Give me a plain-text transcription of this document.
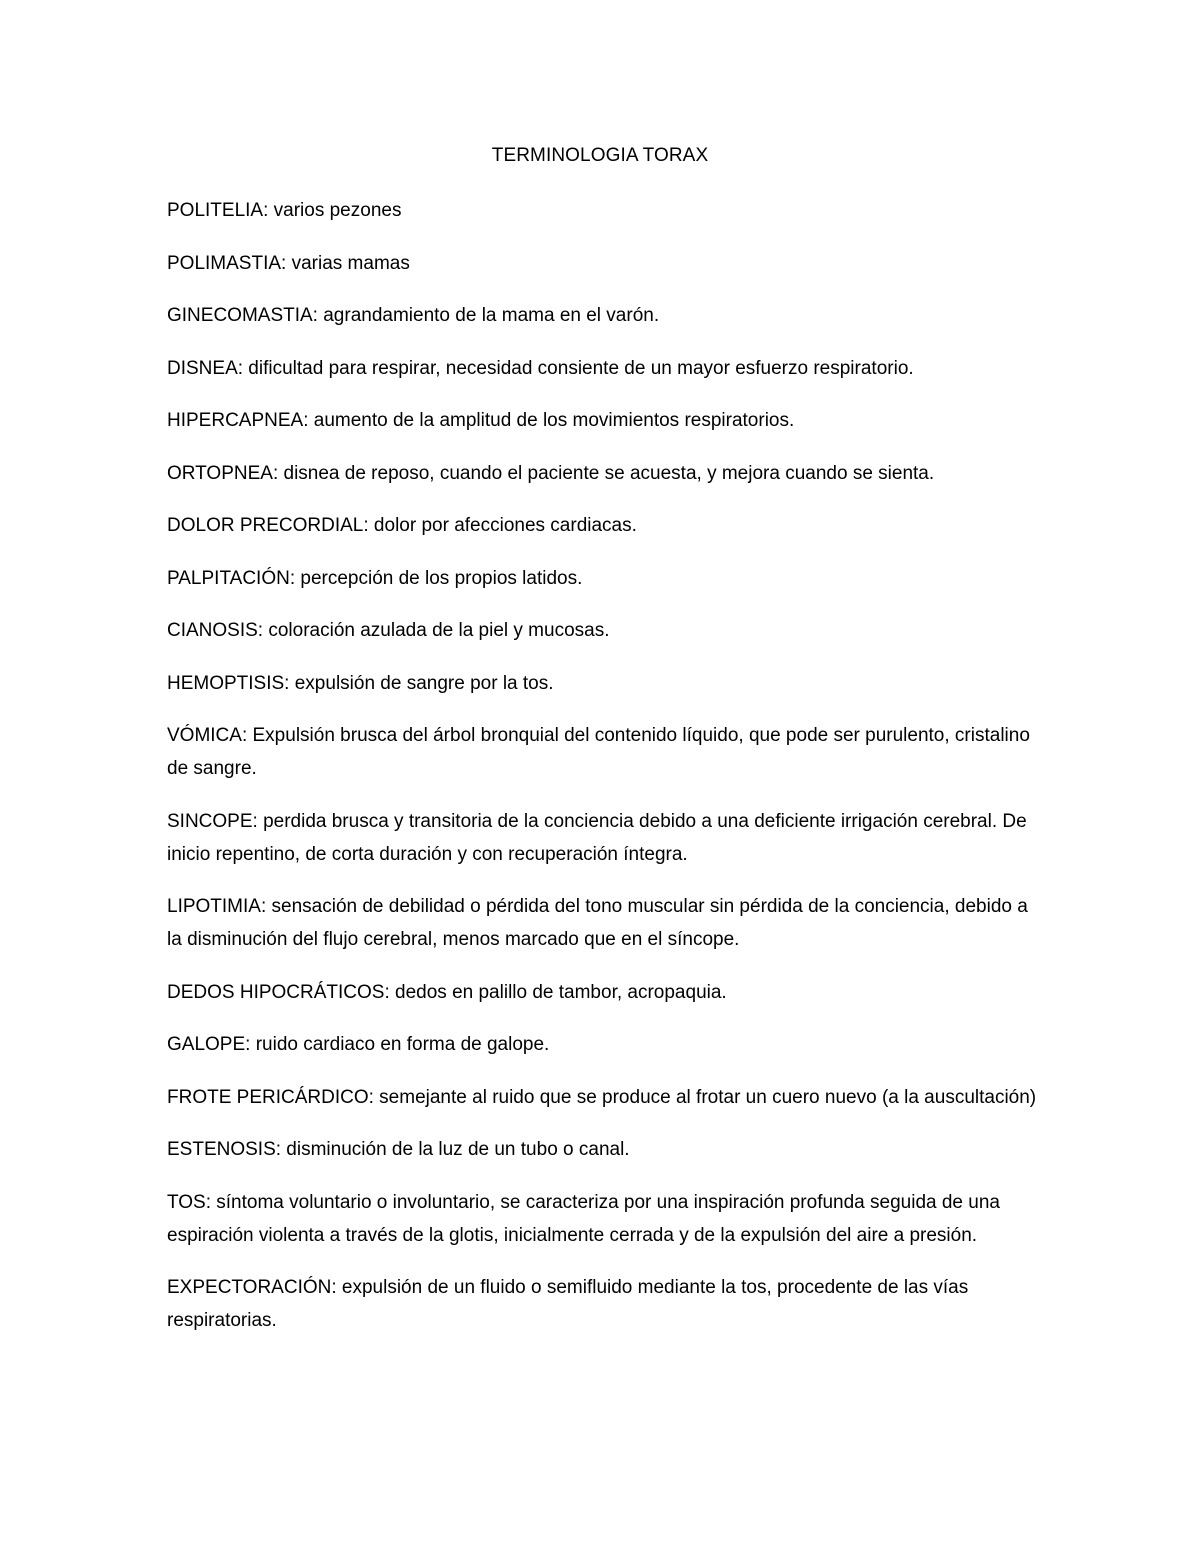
TERMINOLOGIA TORAX

POLITELIA: varios pezones

POLIMASTIA: varias mamas

GINECOMASTIA: agrandamiento de la mama en el varón.

DISNEA: dificultad para respirar, necesidad consiente de un mayor esfuerzo respiratorio.

HIPERCAPNEA: aumento de la amplitud de los movimientos respiratorios.

ORTOPNEA: disnea de reposo, cuando el paciente se acuesta, y mejora cuando se sienta.

DOLOR PRECORDIAL: dolor por afecciones cardiacas.

PALPITACIÓN: percepción de los propios latidos.

CIANOSIS: coloración azulada de la piel y mucosas.

HEMOPTISIS: expulsión de sangre por la tos.

VÓMICA: Expulsión brusca del árbol bronquial del contenido líquido, que pode ser purulento, cristalino de sangre.

SINCOPE: perdida brusca y transitoria de la conciencia debido a una deficiente irrigación cerebral. De inicio repentino, de corta duración y con recuperación íntegra.

LIPOTIMIA: sensación de debilidad o pérdida del tono muscular sin pérdida de la conciencia, debido a la disminución del flujo cerebral, menos marcado que en el síncope.

DEDOS HIPOCRÁTICOS: dedos en palillo de tambor, acropaquia.

GALOPE: ruido cardiaco en forma de galope.

FROTE PERICÁRDICO: semejante al ruido que se produce al frotar un cuero nuevo (a la auscultación)

ESTENOSIS: disminución de la luz de un tubo o canal.

TOS: síntoma voluntario o involuntario, se caracteriza por una inspiración profunda seguida de una espiración violenta a través de la glotis, inicialmente cerrada y de la expulsión del aire a presión.

EXPECTORACIÓN: expulsión de un fluido o semifluido mediante la tos, procedente de las vías respiratorias.
